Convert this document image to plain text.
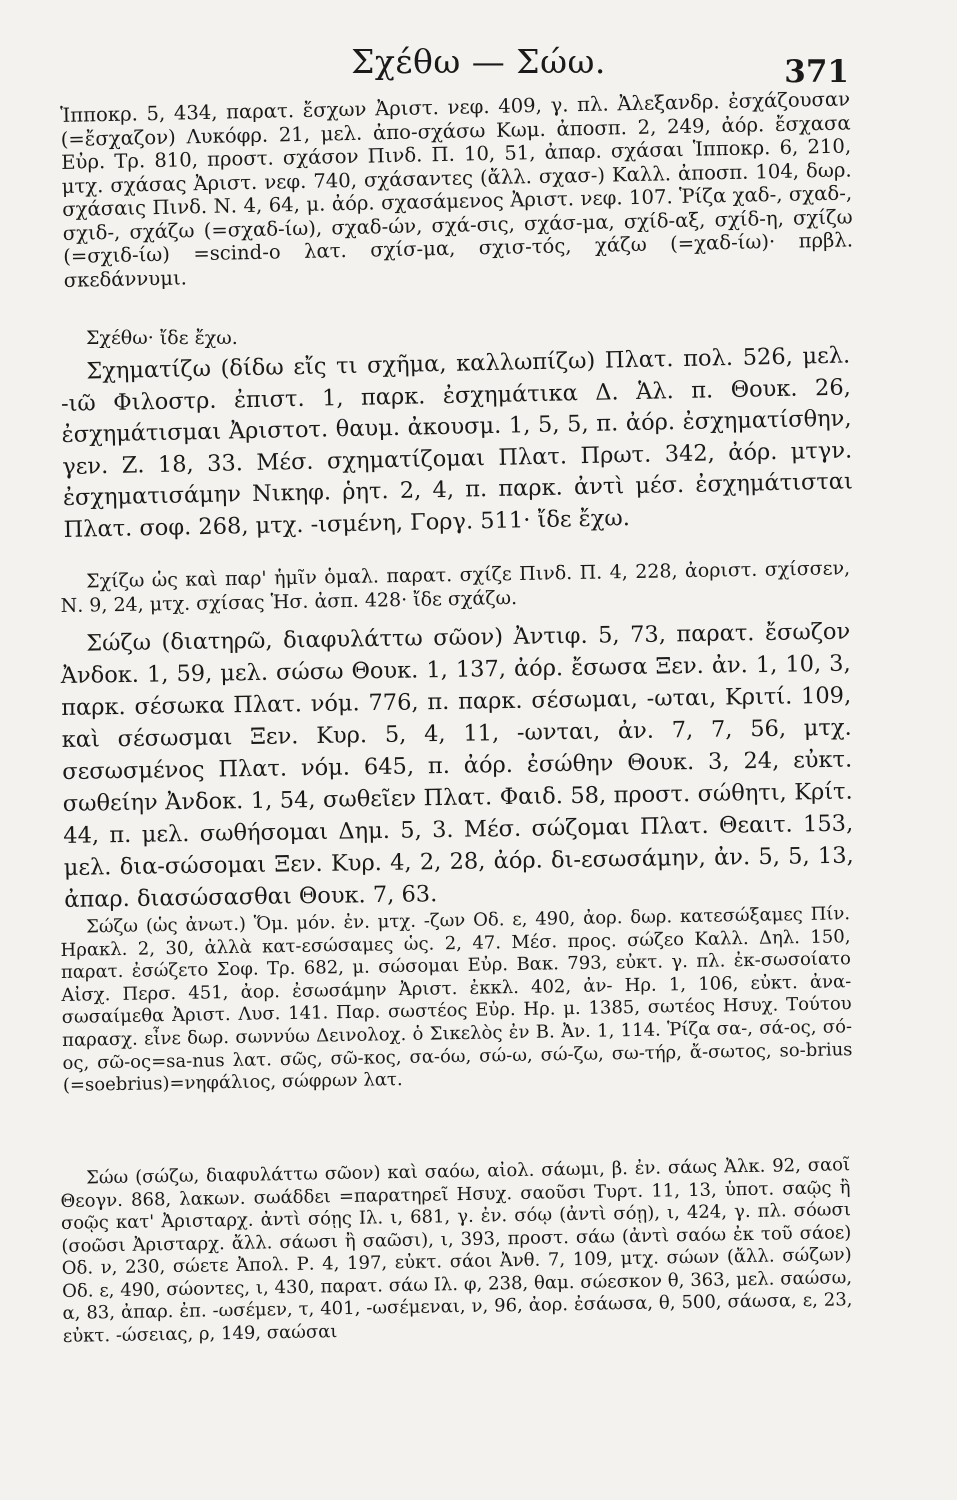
Σχέθω — Σώω.	371

Ἱπποκρ. 5, 434, παρατ. ἔσχων Ἀριστ. νεφ. 409, γ. πλ. Ἀλεξανδρ. ἐσχάζουσαν (=ἔσχαζον) Λυκόφρ. 21, μελ. ἀπο-σχάσω Κωμ. ἀποσπ. 2, 249, ἀόρ. ἔσχασα Εὐρ. Τρ. 810, προστ. σχάσον Πινδ. Π. 10, 51, ἀπαρ. σχάσαι Ἱπποκρ. 6, 210, μτχ. σχάσας Ἀριστ. νεφ. 740, σχάσαντες (ἄλλ. σχασ-) Καλλ. ἀποσπ. 104, δωρ. σχάσαις Πινδ. Ν. 4, 64, μ. ἀόρ. σχασάμενος Ἀριστ. νεφ. 107. Ῥίζα χαδ-, σχαδ-, σχιδ-, σχάζω (=σχαδ-ίω), σχαδ-ών, σχά-σις, σχάσ-μα, σχίδ-αξ, σχίδ-η, σχίζω (=σχιδ-ίω) =scind-o λατ. σχίσ-μα, σχισ-τός, χάζω (=χαδ-ίω)· πρβλ. σκεδάννυμι.

Σχέθω· ἴδε ἔχω.

Σχηματίζω (δίδω εἴς τι σχῆμα, καλλωπίζω) Πλατ. πολ. 526, μελ. -ιῶ Φιλοστρ. ἐπιστ. 1, παρκ. ἐσχημάτικα Δ. Ἁλ. π. Θουκ. 26, ἐσχημάτισμαι Ἀριστοτ. θαυμ. ἀκουσμ. 1, 5, 5, π. ἀόρ. ἐσχηματίσθην, γεν. Ζ. 18, 33. Μέσ. σχηματίζομαι Πλατ. Πρωτ. 342, ἀόρ. μτγν. ἐσχηματισάμην Νικηφ. ῥητ. 2, 4, π. παρκ. ἀντὶ μέσ. ἐσχημάτισται Πλατ. σοφ. 268, μτχ. -ισμένη, Γοργ. 511· ἴδε ἔχω.

Σχίζω ὡς καὶ παρ' ἡμῖν ὁμαλ. παρατ. σχίζε Πινδ. Π. 4, 228, ἀοριστ. σχίσσεν, Ν. 9, 24, μτχ. σχίσας Ἡσ. ἀσπ. 428· ἴδε σχάζω.

Σώζω (διατηρῶ, διαφυλάττω σῶον) Ἀντιφ. 5, 73, παρατ. ἔσωζον Ἀνδοκ. 1, 59, μελ. σώσω Θουκ. 1, 137, ἀόρ. ἔσωσα Ξεν. ἀν. 1, 10, 3, παρκ. σέσωκα Πλατ. νόμ. 776, π. παρκ. σέσωμαι, -ωται, Κριτί. 109, καὶ σέσωσμαι Ξεν. Κυρ. 5, 4, 11, -ωνται, ἀν. 7, 7, 56, μτχ. σεσωσμένος Πλατ. νόμ. 645, π. ἀόρ. ἐσώθην Θουκ. 3, 24, εὐκτ. σωθείην Ἀνδοκ. 1, 54, σωθεῖεν Πλατ. Φαιδ. 58, προστ. σώθητι, Κρίτ. 44, π. μελ. σωθήσομαι Δημ. 5, 3. Μέσ. σώζομαι Πλατ. Θεαιτ. 153, μελ. δια-σώσομαι Ξεν. Κυρ. 4, 2, 28, ἀόρ. δι-εσωσάμην, ἀν. 5, 5, 13, ἀπαρ. διασώσασθαι Θουκ. 7, 63.

Σώζω (ὡς ἀνωτ.) Ὅμ. μόν. ἐν. μτχ. -ζων Οδ. ε, 490, ἀορ. δωρ. κατεσώξαμες Πίν. Ηρακλ. 2, 30, ἀλλὰ κατ-εσώσαμες ὡς. 2, 47. Μέσ. προς. σώζεο Καλλ. Δηλ. 150, παρατ. ἐσώζετο Σοφ. Τρ. 682, μ. σώσομαι Εὐρ. Βακ. 793, εὐκτ. γ. πλ. ἐκ-σωσοίατο Αἰσχ. Περσ. 451, ἀορ. ἐσωσάμην Ἀριστ. ἐκκλ. 402, ἀν- Ηρ. 1, 106, εὐκτ. ἀνα-σωσαίμεθα Ἀριστ. Λυσ. 141. Παρ. σωστέος Εὐρ. Ηρ. μ. 1385, σωτέος Ησυχ. Τούτου παρασχ. εἶνε δωρ. σωννύω Δεινολοχ. ὁ Σικελὸς ἐν Β. Ἀν. 1, 114. Ῥίζα σα-, σά-ος, σό-ος, σῶ-ος=sa-nus λατ. σῶς, σῶ-κος, σα-όω, σώ-ω, σώ-ζω, σω-τήρ, ἄ-σωτος, so-brius (=soebrius)=νηφάλιος, σώφρων λατ.

Σώω (σώζω, διαφυλάττω σῶον) καὶ σαόω, αἰολ. σάωμι, β. ἐν. σάως Ἀλκ. 92, σαοῖ Θεογν. 868, λακων. σωάδδει =παρατηρεῖ Ησυχ. σαοῦσι Τυρτ. 11, 13, ὑποτ. σαῷς ἢ σοῷς κατ' Ἀρισταρχ. ἀντὶ σόῃς Ιλ. ι, 681, γ. ἐν. σόῳ (ἀντὶ σόῃ), ι, 424, γ. πλ. σόωσι (σοῶσι Ἀρισταρχ. ἄλλ. σάωσι ἢ σαῶσι), ι, 393, προστ. σάω (ἀντὶ σαόω ἐκ τοῦ σάοε) Οδ. ν, 230, σώετε Ἀπολ. Ρ. 4, 197, εὐκτ. σάοι Ἀνθ. 7, 109, μτχ. σώων (ἄλλ. σώζων) Οδ. ε, 490, σώοντες, ι, 430, παρατ. σάω Ιλ. φ, 238, θαμ. σώεσκον θ, 363, μελ. σαώσω, α, 83, ἀπαρ. ἐπ. -ωσέμεν, τ, 401, -ωσέμεναι, ν, 96, ἀορ. ἐσάωσα, θ, 500, σάωσα, ε, 23, εὐκτ. -ώσειας, ρ, 149, σαώσαι
